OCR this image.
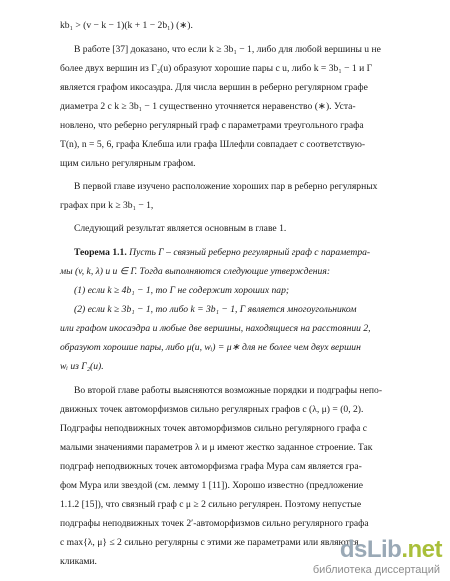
kb₁ > (v − k − 1)(k + 1 − 2b₁) (∗).
В работе [37] доказано, что если k ≥ 3b₁ − 1, либо для любой вершины u не
более двух вершин из Γ₂(u) образуют хорошие пары с u, либо k = 3b₁ − 1 и Γ
является графом икосаэдра. Для числа вершин в реберно регулярном графе
диаметра 2 с k ≥ 3b₁ − 1 существенно уточняется неравенство (∗). Уста-
новлено, что реберно регулярный граф с параметрами треугольного графа
T(n), n = 5, 6, графа Клебша или графа Шлефли совпадает с соответствую-
щим сильно регулярным графом.
В первой главе изучено расположение хороших пар в реберно регулярных
графах при k ≥ 3b₁ − 1,
Следующий результат является основным в главе 1.
Теорема 1.1. Пусть Γ – связный реберно регулярный граф с параметра-
мы (v, k, λ) и u ∈ Γ. Тогда выполняются следующие утверждения:
(1) если k ≥ 4b₁ − 1, то Γ не содержит хороших пар;
(2) если k ≥ 3b₁ − 1, то либо k = 3b₁ − 1, Γ является многоугольником
или графом икосаэдра и любые две вершины, находящиеся на расстоянии 2,
образуют хорошие пары, либо μ(u, wᵢ) = μ∗ для не более чем двух вершин
wᵢ из Γ₂(u).
Во второй главе работы выясняются возможные порядки и подграфы непо-
движных точек автоморфизмов сильно регулярных графов с (λ, μ) = (0, 2).
Подграфы неподвижных точек автоморфизмов сильно регулярного графа с
малыми значениями параметров λ и μ имеют жестко заданное строение. Так
подграф неподвижных точек автоморфизма графа Мура сам является гра-
фом Мура или звездой (см. лемму 1 [11]). Хорошо известно (предложение
1.1.2 [15]), что связный граф с μ ≥ 2 сильно регулярен. Поэтому непустые
подграфы неподвижных точек 2′-автоморфизмов сильно регулярного графа
с max{λ, μ} ≤ 2 сильно регулярны с этими же параметрами или являются
кликами.	dsLib.net
библиотека диссертаций
